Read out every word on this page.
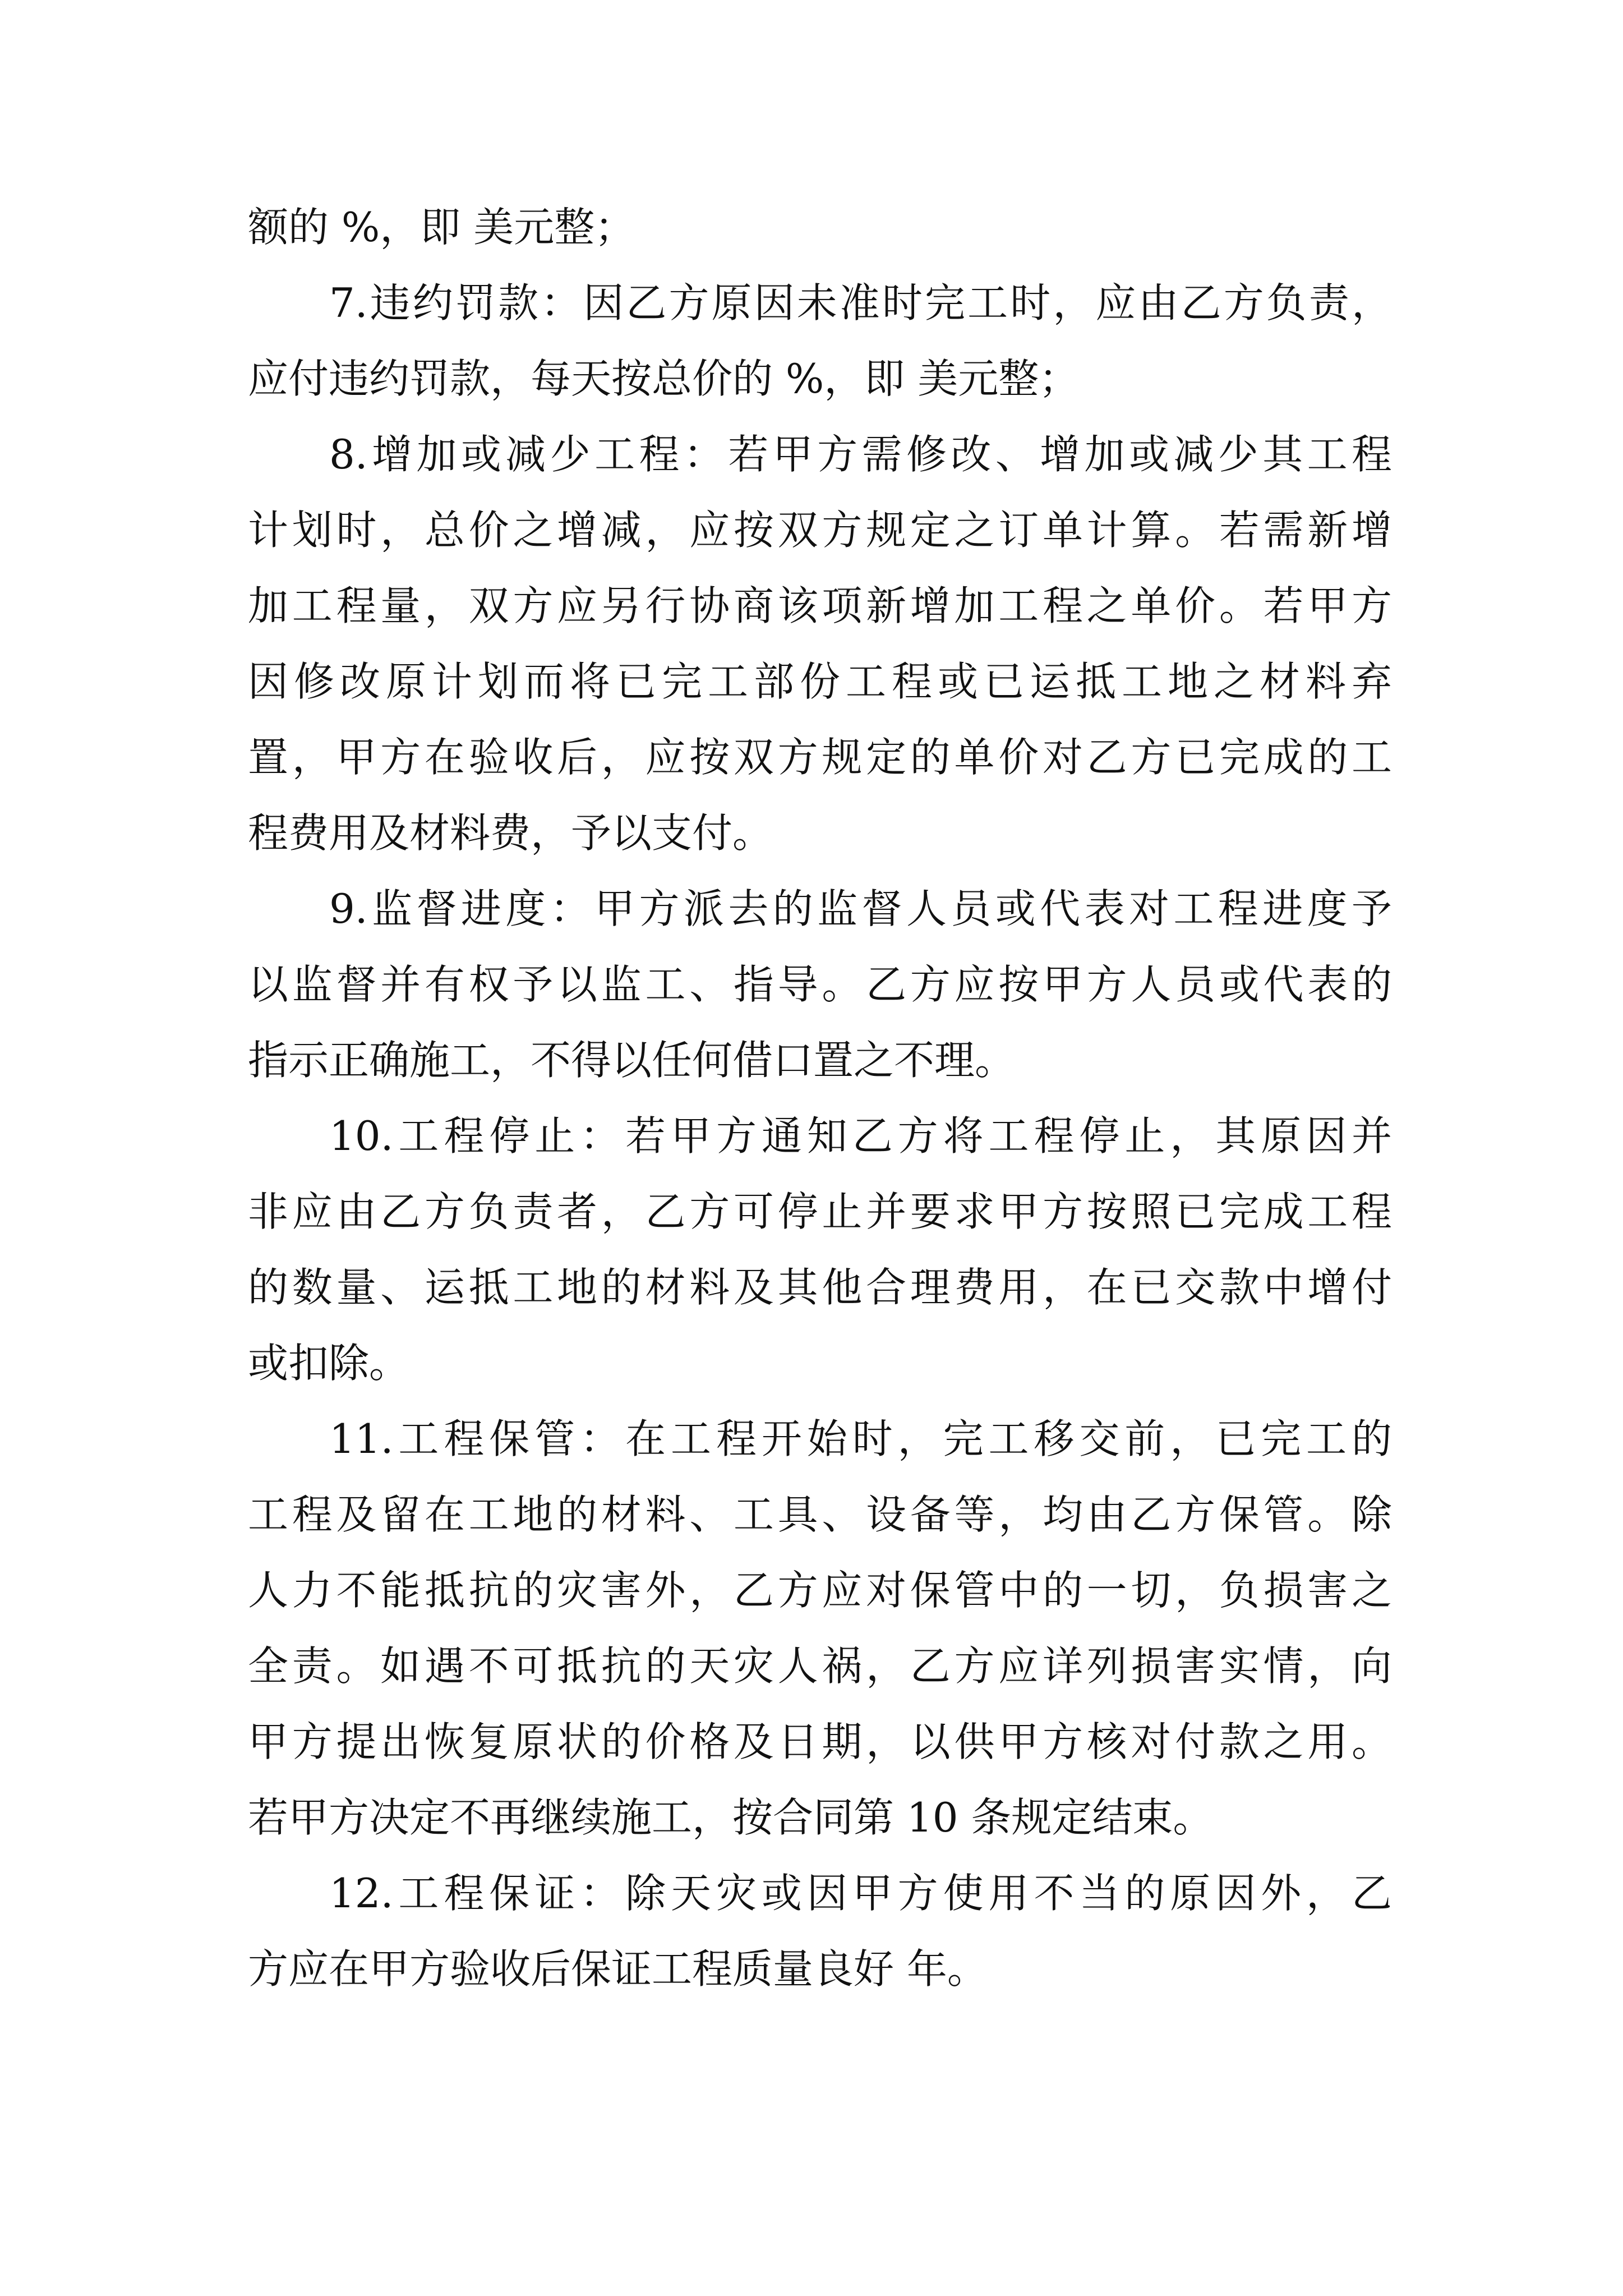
额的 %，即 美元整；
7.违约罚款：因乙方原因未准时完工时，应由乙方负责，
应付违约罚款，每天按总价的 %，即 美元整；
8.增加或减少工程：若甲方需修改、增加或减少其工程
计划时，总价之增减，应按双方规定之订单计算。若需新增
加工程量，双方应另行协商该项新增加工程之单价。若甲方
因修改原计划而将已完工部份工程或已运抵工地之材料弃
置，甲方在验收后，应按双方规定的单价对乙方已完成的工
程费用及材料费，予以支付。
9.监督进度：甲方派去的监督人员或代表对工程进度予
以监督并有权予以监工、指导。乙方应按甲方人员或代表的
指示正确施工，不得以任何借口置之不理。
10.工程停止：若甲方通知乙方将工程停止，其原因并
非应由乙方负责者，乙方可停止并要求甲方按照已完成工程
的数量、运抵工地的材料及其他合理费用，在已交款中增付
或扣除。
11.工程保管：在工程开始时，完工移交前，已完工的
工程及留在工地的材料、工具、设备等，均由乙方保管。除
人力不能抵抗的灾害外，乙方应对保管中的一切，负损害之
全责。如遇不可抵抗的天灾人祸，乙方应详列损害实情，向
甲方提出恢复原状的价格及日期，以供甲方核对付款之用。
若甲方决定不再继续施工，按合同第 10 条规定结束。
12.工程保证：除天灾或因甲方使用不当的原因外，乙
方应在甲方验收后保证工程质量良好 年。
